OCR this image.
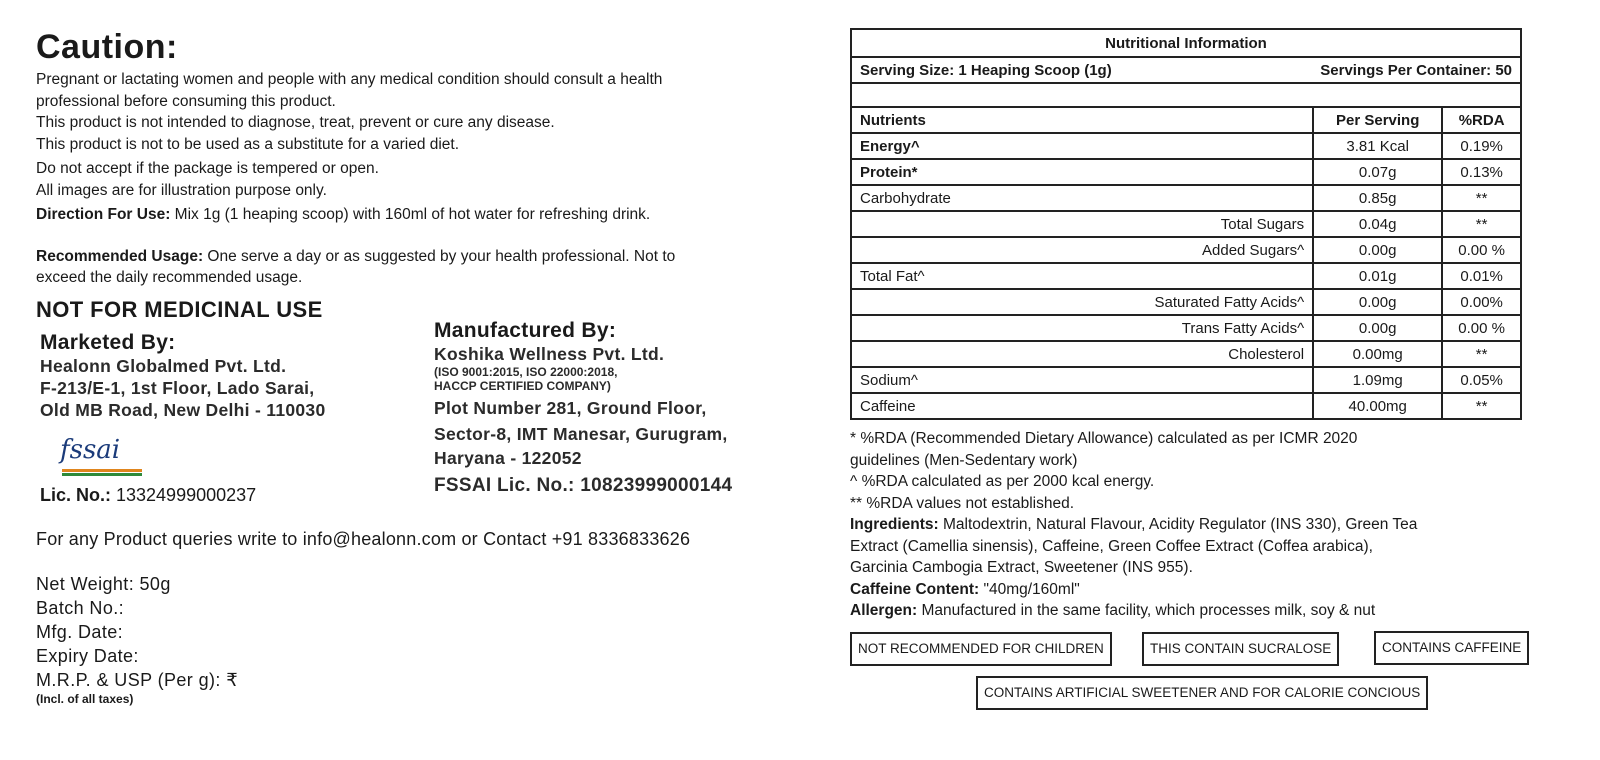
Caution:

Pregnant or lactating women and people with any medical condition should consult a health

professional before consuming this product.

This product is not intended to diagnose, treat, prevent or cure any disease.

This product is not to be used as a substitute for a varied diet.

Do not accept if the package is tempered or open.

All images are for illustration purpose only.

Direction For Use: Mix 1g (1 heaping scoop) with 160ml of hot water for refreshing drink.

Recommended Usage: One serve a day or as suggested by your health professional. Not to

exceed the daily recommended usage.

NOT FOR MEDICINAL USE

Marketed By:

Healonn Globalmed Pvt. Ltd.

F-213/E-1, 1st Floor, Lado Sarai,

Old MB Road, New Delhi - 110030

fssai
Lic. No.: 13324999000237

Manufactured By:

Koshika Wellness Pvt. Ltd.

(ISO 9001:2015, ISO 22000:2018,

HACCP CERTIFIED COMPANY)

Plot Number 281, Ground Floor,

Sector-8, IMT Manesar, Gurugram,

Haryana - 122052

FSSAI Lic. No.: 10823999000144

For any Product queries write to info@healonn.com or Contact +91 8336833626

Net Weight: 50g

Batch No.:

Mfg. Date:

Expiry Date:

M.R.P. & USP (Per g): ₹

(Incl. of all taxes)

Nutritional Information		
Serving Size: 1 Heaping Scoop (1g) Servings Per Container: 50		

Nutrients	Per Serving	%RDA
Energy^	3.81 Kcal	0.19%
Protein*	0.07g	0.13%
Carbohydrate	0.85g	**
Total Sugars	0.04g	**
Added Sugars^	0.00g	0.00 %
Total Fat^	0.01g	0.01%
Saturated Fatty Acids^	0.00g	0.00%
Trans Fatty Acids^	0.00g	0.00 %
Cholesterol	0.00mg	**
Sodium^	1.09mg	0.05%
Caffeine	40.00mg	**

* %RDA (Recommended Dietary Allowance) calculated as per ICMR 2020

guidelines (Men-Sedentary work)

^ %RDA calculated as per 2000 kcal energy.

** %RDA values not established.

Ingredients: Maltodextrin, Natural Flavour, Acidity Regulator (INS 330), Green Tea

Extract (Camellia sinensis), Caffeine, Green Coffee Extract (Coffea arabica),

Garcinia Cambogia Extract, Sweetener (INS 955).

Caffeine Content: "40mg/160ml"

Allergen: Manufactured in the same facility, which processes milk, soy & nut

NOT RECOMMENDED FOR CHILDREN	THIS CONTAIN SUCRALOSE	CONTAINS CAFFEINE
CONTAINS ARTIFICIAL SWEETENER AND FOR CALORIE CONCIOUS
